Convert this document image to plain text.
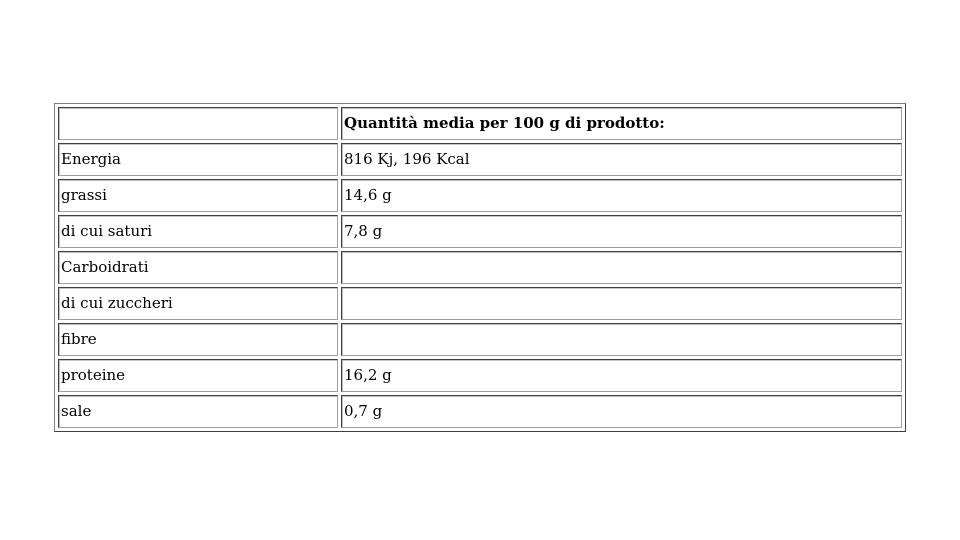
	Quantità media per 100 g di prodotto:
Energia	816 Kj, 196 Kcal
grassi	14,6 g
di cui saturi	7,8 g
Carboidrati	
di cui zuccheri	
fibre	
proteine	16,2 g
sale	0,7 g
